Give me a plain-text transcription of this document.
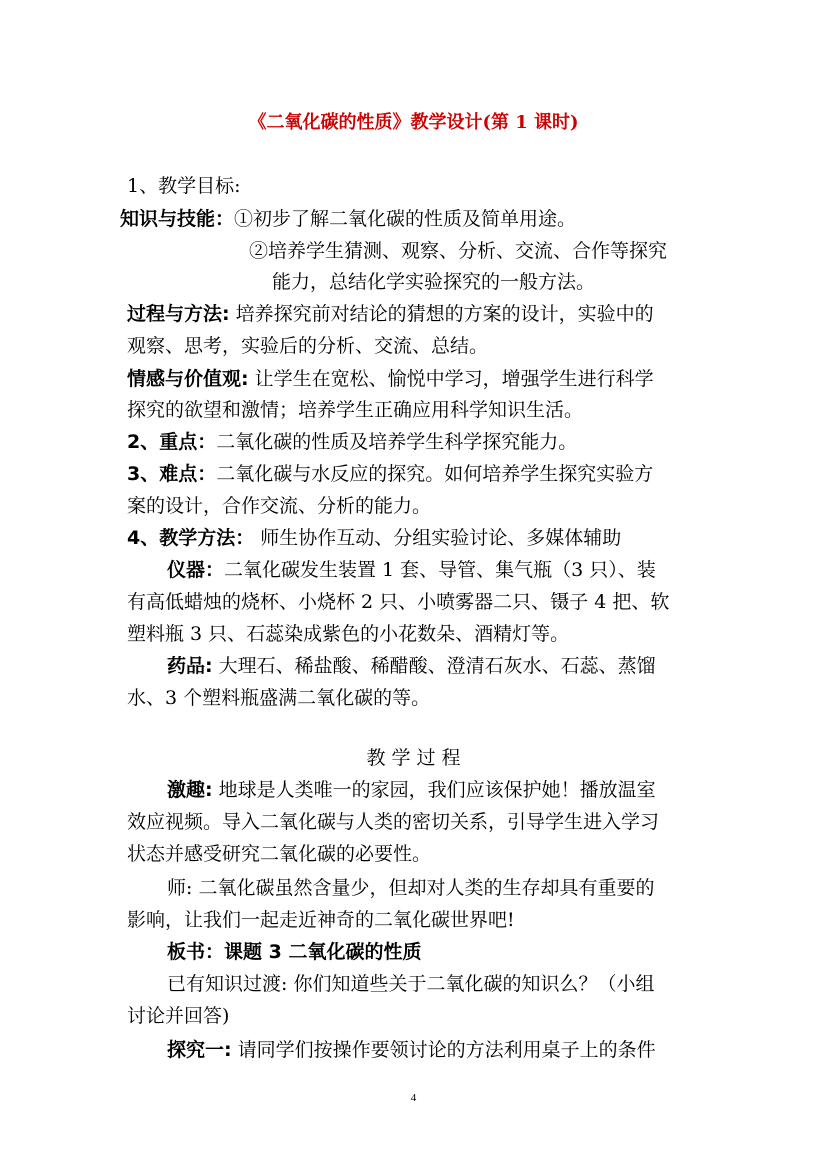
《二氧化碳的性质》教学设计(第 1 课时)
1、教学目标:
知识与技能：①初步了解二氧化碳的性质及简单用途。
②培养学生猜测、观察、分析、交流、合作等探究
能力，总结化学实验探究的一般方法。
过程与方法: 培养探究前对结论的猜想的方案的设计，实验中的
观察、思考，实验后的分析、交流、总结。
情感与价值观: 让学生在宽松、愉悦中学习，增强学生进行科学
探究的欲望和激情；培养学生正确应用科学知识生活。
2、重点：二氧化碳的性质及培养学生科学探究能力。
3、难点：二氧化碳与水反应的探究。如何培养学生探究实验方
案的设计，合作交流、分析的能力。
4、教学方法： 师生协作互动、分组实验讨论、多媒体辅助
仪器：二氧化碳发生装置 1 套、导管、集气瓶（3 只）、装
有高低蜡烛的烧杯、小烧杯 2 只、小喷雾器二只、镊子 4 把、软
塑料瓶 3 只、石蕊染成紫色的小花数朵、酒精灯等。
药品: 大理石、稀盐酸、稀醋酸、澄清石灰水、石蕊、蒸馏
水、3 个塑料瓶盛满二氧化碳的等。
教 学 过 程
激趣: 地球是人类唯一的家园，我们应该保护她！播放温室
效应视频。导入二氧化碳与人类的密切关系，引导学生进入学习
状态并感受研究二氧化碳的必要性。
师: 二氧化碳虽然含量少，但却对人类的生存却具有重要的
影响，让我们一起走近神奇的二氧化碳世界吧!
板书：课题 3 二氧化碳的性质
已有知识过渡: 你们知道些关于二氧化碳的知识么？（小组
讨论并回答)
探究一: 请同学们按操作要领讨论的方法利用桌子上的条件
4
